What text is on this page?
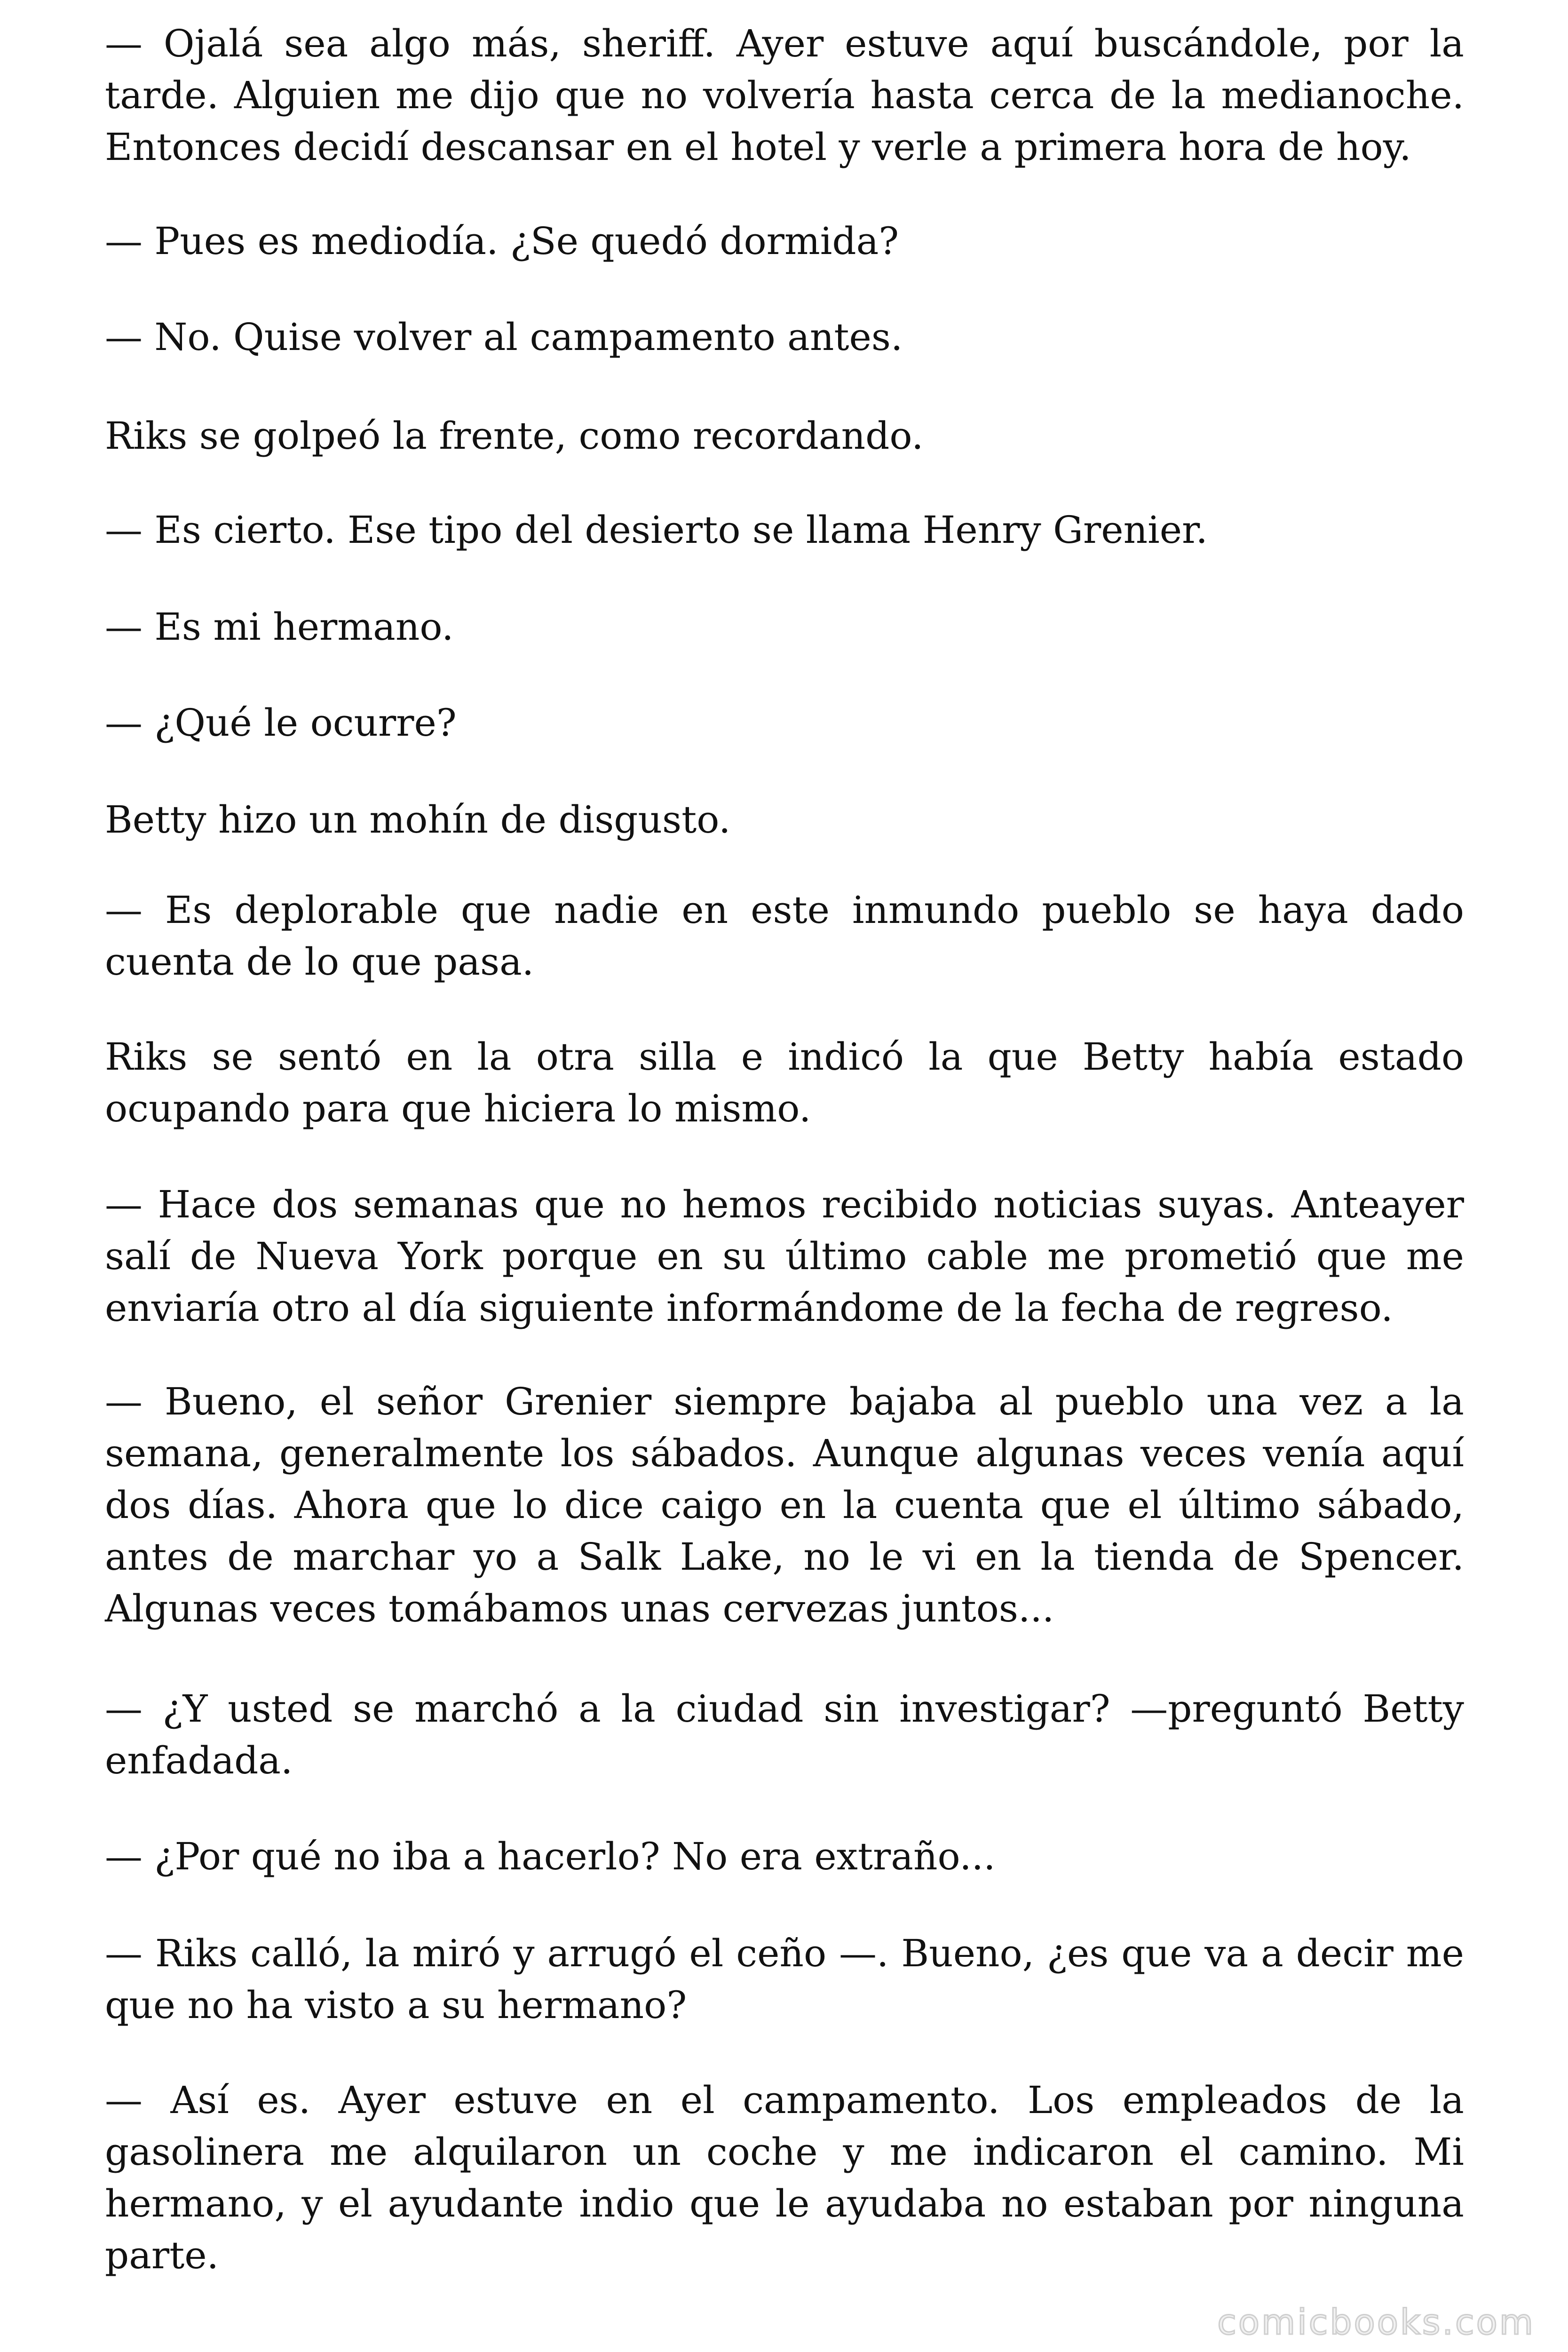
— Ojalá sea algo más, sheriff. Ayer estuve aquí buscándole, por la tarde. Alguien me dijo que no volvería hasta cerca de la medianoche. Entonces decidí descansar en el hotel y verle a primera hora de hoy.

— Pues es mediodía. ¿Se quedó dormida?

— No. Quise volver al campamento antes.

Riks se golpeó la frente, como recordando.

— Es cierto. Ese tipo del desierto se llama Henry Grenier.

— Es mi hermano.

— ¿Qué le ocurre?

Betty hizo un mohín de disgusto.

— Es deplorable que nadie en este inmundo pueblo se haya dado cuenta de lo que pasa.

Riks se sentó en la otra silla e indicó la que Betty había estado ocupando para que hiciera lo mismo.

— Hace dos semanas que no hemos recibido noticias suyas. Anteayer salí de Nueva York porque en su último cable me prometió que me enviaría otro al día siguiente informándome de la fecha de regreso.

— Bueno, el señor Grenier siempre bajaba al pueblo una vez a la semana, generalmente los sábados. Aunque algunas veces venía aquí dos días. Ahora que lo dice caigo en la cuenta que el último sábado, antes de marchar yo a Salk Lake, no le vi en la tienda de Spencer. Algunas veces tomábamos unas cervezas juntos...

— ¿Y usted se marchó a la ciudad sin investigar? —preguntó Betty enfadada.

— ¿Por qué no iba a hacerlo? No era extraño...

— Riks calló, la miró y arrugó el ceño —. Bueno, ¿es que va a decir me que no ha visto a su hermano?

— Así es. Ayer estuve en el campamento. Los empleados de la gasolinera me alquilaron un coche y me indicaron el camino. Mi hermano, y el ayudante indio que le ayudaba no estaban por ninguna parte.

comicbooks.com
